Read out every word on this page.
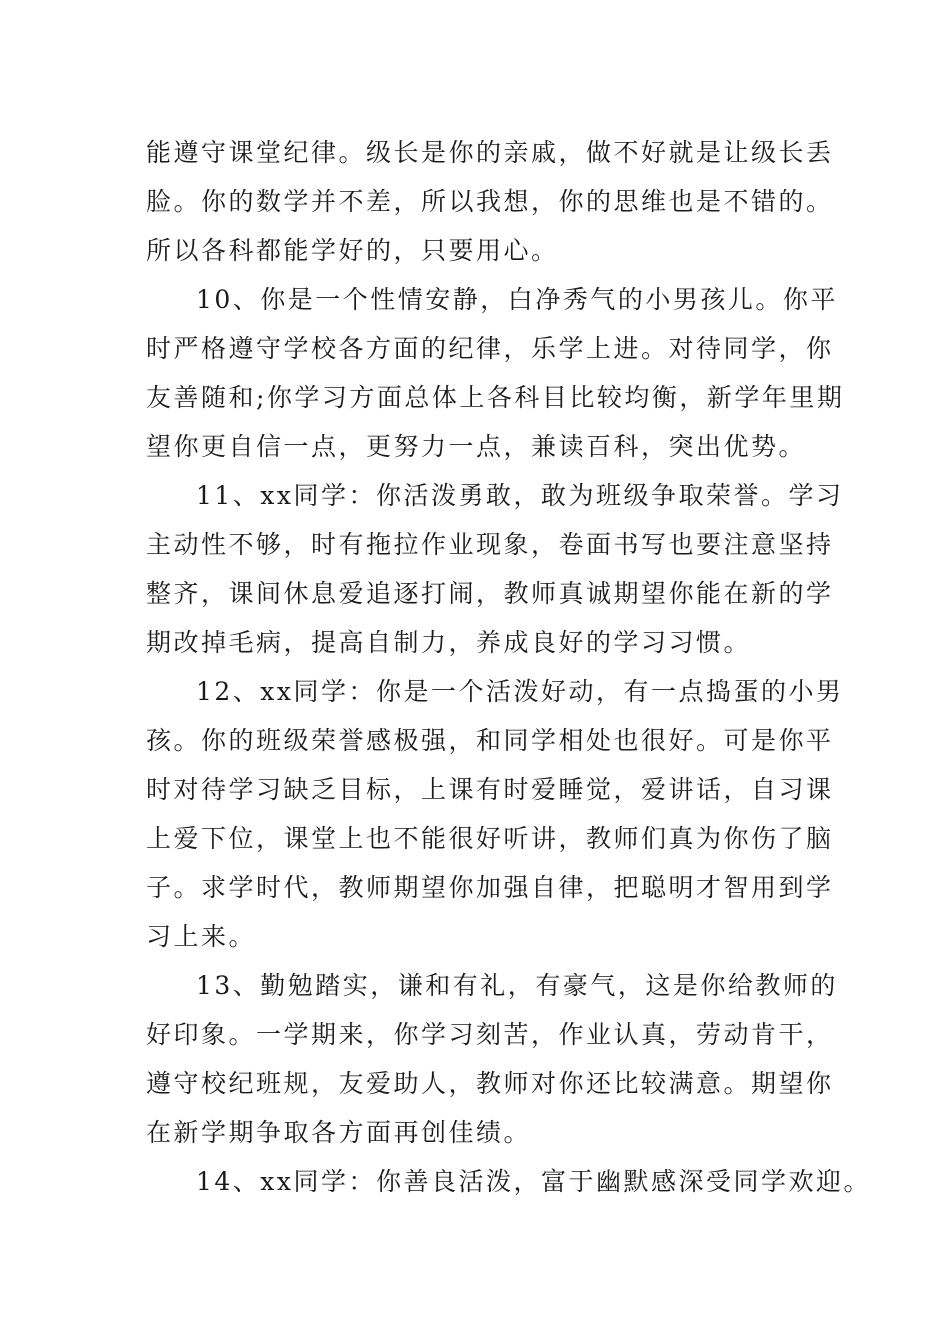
能遵守课堂纪律。级长是你的亲戚，做不好就是让级长丢
脸。你的数学并不差，所以我想，你的思维也是不错的。
所以各科都能学好的，只要用心。
10、你是一个性情安静，白净秀气的小男孩儿。你平
时严格遵守学校各方面的纪律，乐学上进。对待同学，你
友善随和;你学习方面总体上各科目比较均衡，新学年里期
望你更自信一点，更努力一点，兼读百科，突出优势。
11、xx同学：你活泼勇敢，敢为班级争取荣誉。学习
主动性不够，时有拖拉作业现象，卷面书写也要注意坚持
整齐，课间休息爱追逐打闹，教师真诚期望你能在新的学
期改掉毛病，提高自制力，养成良好的学习习惯。
12、xx同学：你是一个活泼好动，有一点捣蛋的小男
孩。你的班级荣誉感极强，和同学相处也很好。可是你平
时对待学习缺乏目标，上课有时爱睡觉，爱讲话，自习课
上爱下位，课堂上也不能很好听讲，教师们真为你伤了脑
子。求学时代，教师期望你加强自律，把聪明才智用到学
习上来。
13、勤勉踏实，谦和有礼，有豪气，这是你给教师的
好印象。一学期来，你学习刻苦，作业认真，劳动肯干，
遵守校纪班规，友爱助人，教师对你还比较满意。期望你
在新学期争取各方面再创佳绩。
14、xx同学：你善良活泼，富于幽默感深受同学欢迎。
